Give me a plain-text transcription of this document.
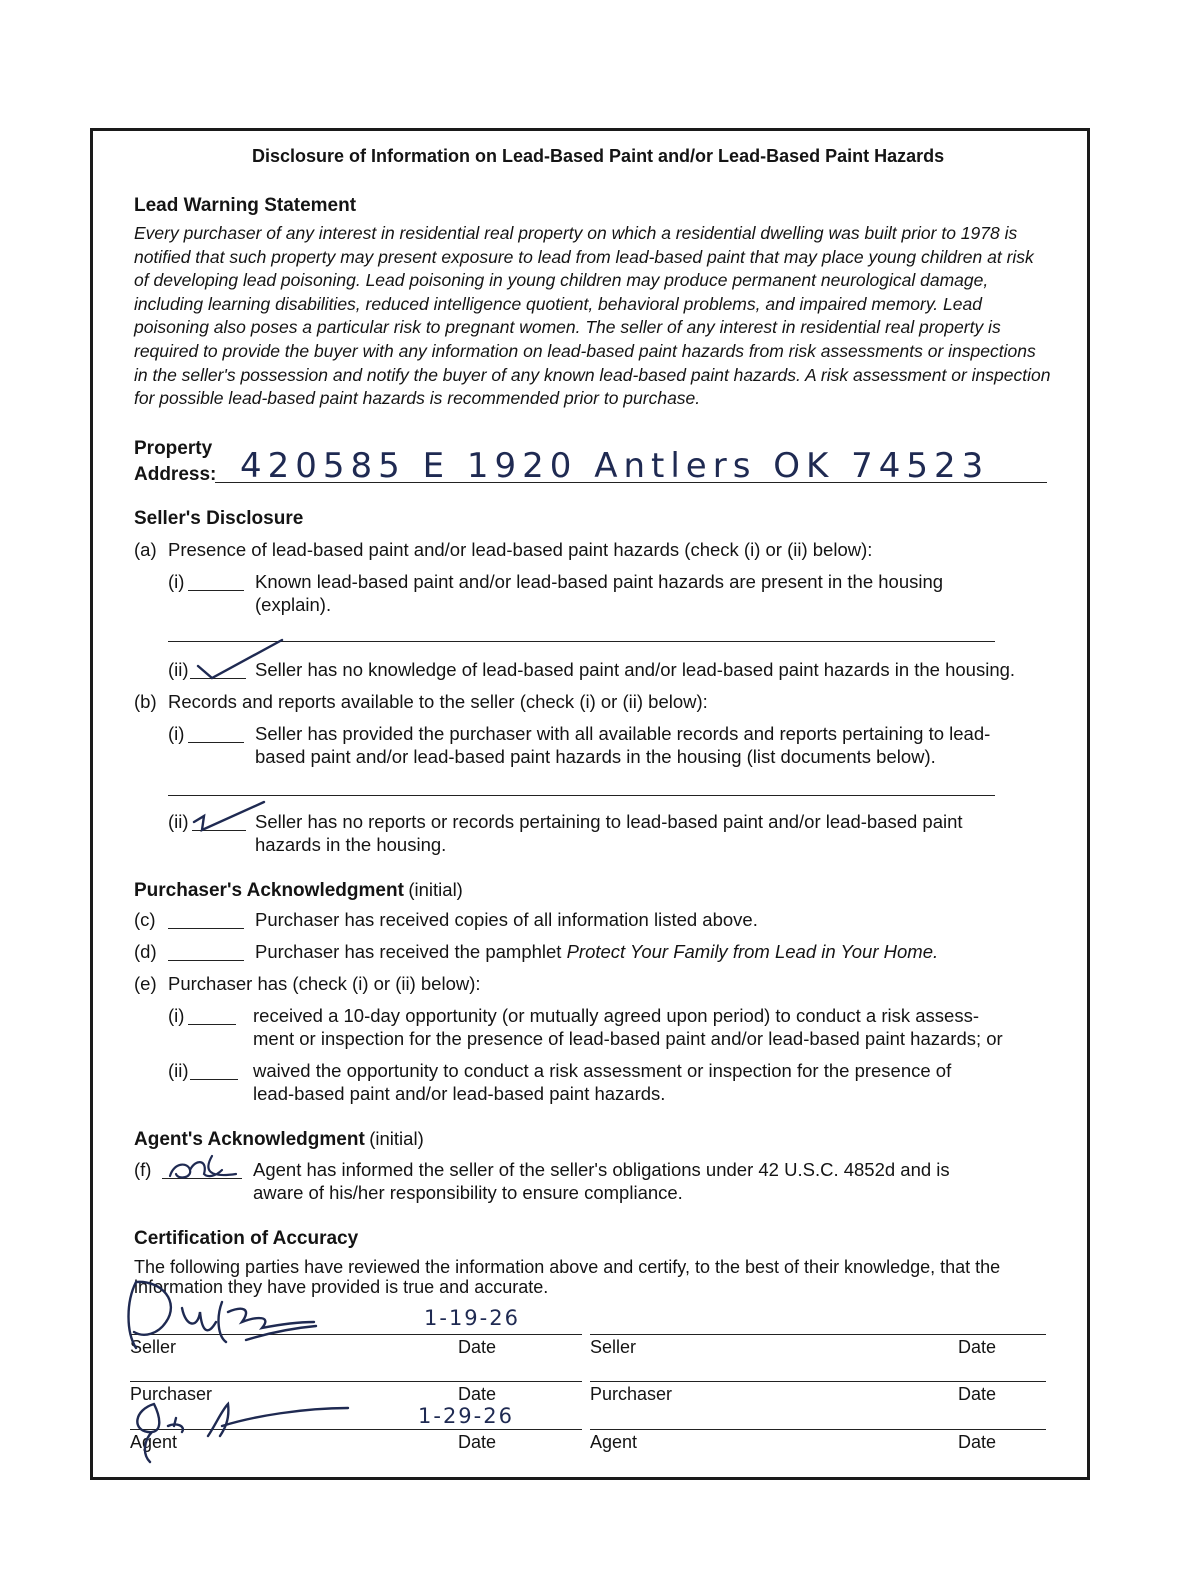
Disclosure of Information on Lead-Based Paint and/or Lead-Based Paint Hazards
Lead Warning Statement
Every purchaser of any interest in residential real property on which a residential dwelling was built prior to 1978 is
notified that such property may present exposure to lead from lead-based paint that may place young children at risk
of developing lead poisoning. Lead poisoning in young children may produce permanent neurological damage,
including learning disabilities, reduced intelligence quotient, behavioral problems, and impaired memory. Lead
poisoning also poses a particular risk to pregnant women. The seller of any interest in residential real property is
required to provide the buyer with any information on lead-based paint hazards from risk assessments or inspections
in the seller's possession and notify the buyer of any known lead-based paint hazards. A risk assessment or inspection
for possible lead-based paint hazards is recommended prior to purchase.
Property
Address: 420585 E 1920 Antlers OK 74523
Seller's Disclosure
(a) Presence of lead-based paint and/or lead-based paint hazards (check (i) or (ii) below):
(i)	Known lead-based paint and/or lead-based paint hazards are present in the housing
(explain).
(ii)	Seller has no knowledge of lead-based paint and/or lead-based paint hazards in the housing.
(b) Records and reports available to the seller (check (i) or (ii) below):
(i)	Seller has provided the purchaser with all available records and reports pertaining to lead-
based paint and/or lead-based paint hazards in the housing (list documents below).
(ii)	Seller has no reports or records pertaining to lead-based paint and/or lead-based paint
hazards in the housing.
Purchaser's Acknowledgment (initial)
(c)	Purchaser has received copies of all information listed above.
(d)	Purchaser has received the pamphlet Protect Your Family from Lead in Your Home.
(e) Purchaser has (check (i) or (ii) below):
(i)	received a 10-day opportunity (or mutually agreed upon period) to conduct a risk assess-
ment or inspection for the presence of lead-based paint and/or lead-based paint hazards; or
(ii)	waived the opportunity to conduct a risk assessment or inspection for the presence of
lead-based paint and/or lead-based paint hazards.
Agent's Acknowledgment (initial)
(f)	Agent has informed the seller of the seller's obligations under 42 U.S.C. 4852d and is
aware of his/her responsibility to ensure compliance.
Certification of Accuracy
The following parties have reviewed the information above and certify, to the best of their knowledge, that the
information they have provided is true and accurate.
Seller	Date	Seller	Date
1-19-26
Purchaser	Date	Purchaser	Date
Agent	Date	Agent	Date
1-29-26
